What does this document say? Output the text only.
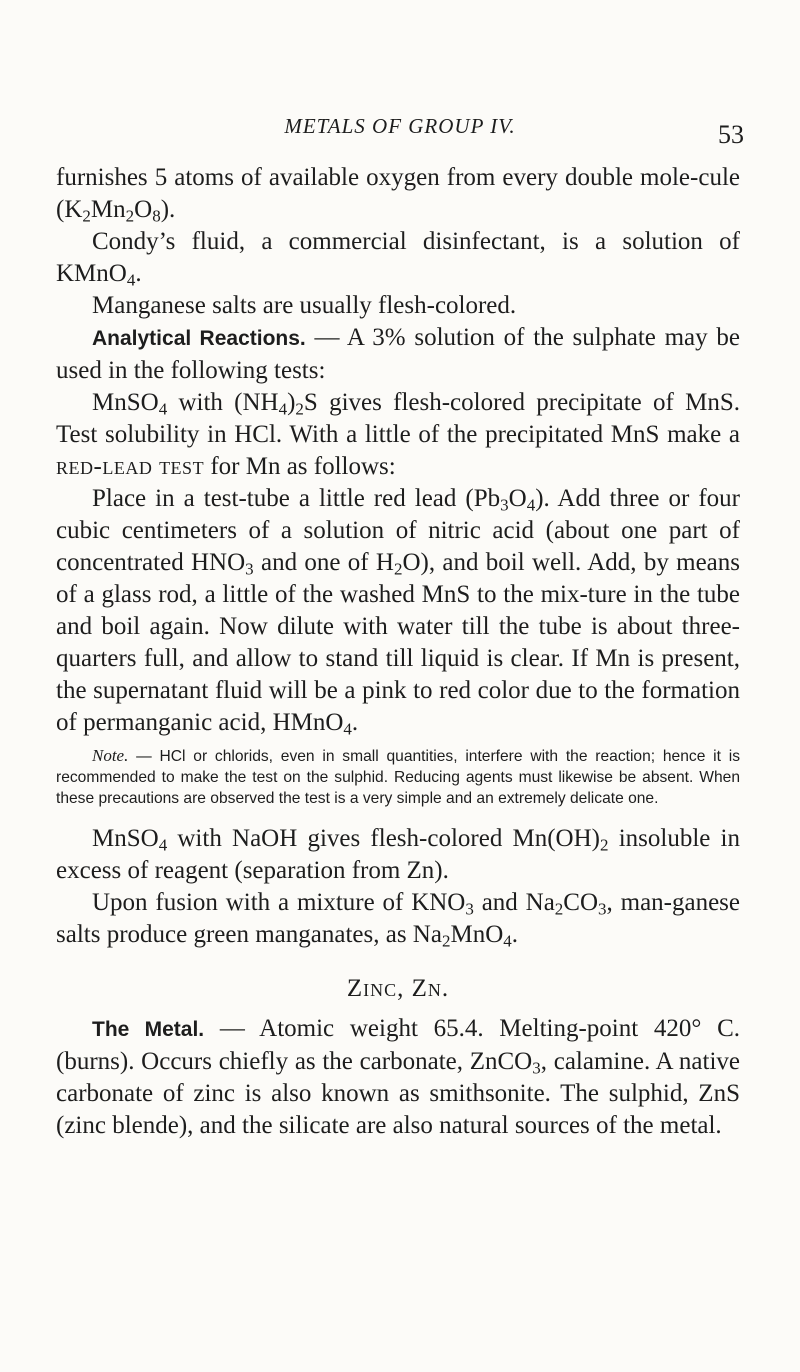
METALS OF GROUP IV.	53

furnishes 5 atoms of available oxygen from every double mole-cule $(K_2Mn_2O_8)$.

Condy’s fluid, a commercial disinfectant, is a solution of KMnO$_4$.

Manganese salts are usually flesh-colored.

Analytical Reactions. — A 3% solution of the sulphate may be used in the following tests:

MnSO$_4$ with $(NH_4)_2S$ gives flesh-colored precipitate of MnS. Test solubility in HCl. With a little of the precipitated MnS make a red-lead test for Mn as follows:

Place in a test-tube a little red lead $(Pb_3O_4)$. Add three or four cubic centimeters of a solution of nitric acid (about one part of concentrated $HNO_3$ and one of $H_2O$), and boil well. Add, by means of a glass rod, a little of the washed MnS to the mix-ture in the tube and boil again. Now dilute with water till the tube is about three-quarters full, and allow to stand till liquid is clear. If Mn is present, the supernatant fluid will be a pink to red color due to the formation of permanganic acid, HMnO$_4$.

Note. — HCl or chlorids, even in small quantities, interfere with the reaction; hence it is recommended to make the test on the sulphid. Reducing agents must likewise be absent. When these precautions are observed the test is a very simple and an extremely delicate one.

MnSO$_4$ with NaOH gives flesh-colored $Mn(OH)_2$ insoluble in excess of reagent (separation from Zn).

Upon fusion with a mixture of $KNO_3$ and $Na_2CO_3$, man-ganese salts produce green manganates, as $Na_2MnO_4$.

Zinc, Zn.

The Metal. — Atomic weight 65.4. Melting-point 420° C. (burns). Occurs chiefly as the carbonate, ZnCO$_3$, calamine. A native carbonate of zinc is also known as smithsonite. The sulphid, ZnS (zinc blende), and the silicate are also natural sources of the metal.
